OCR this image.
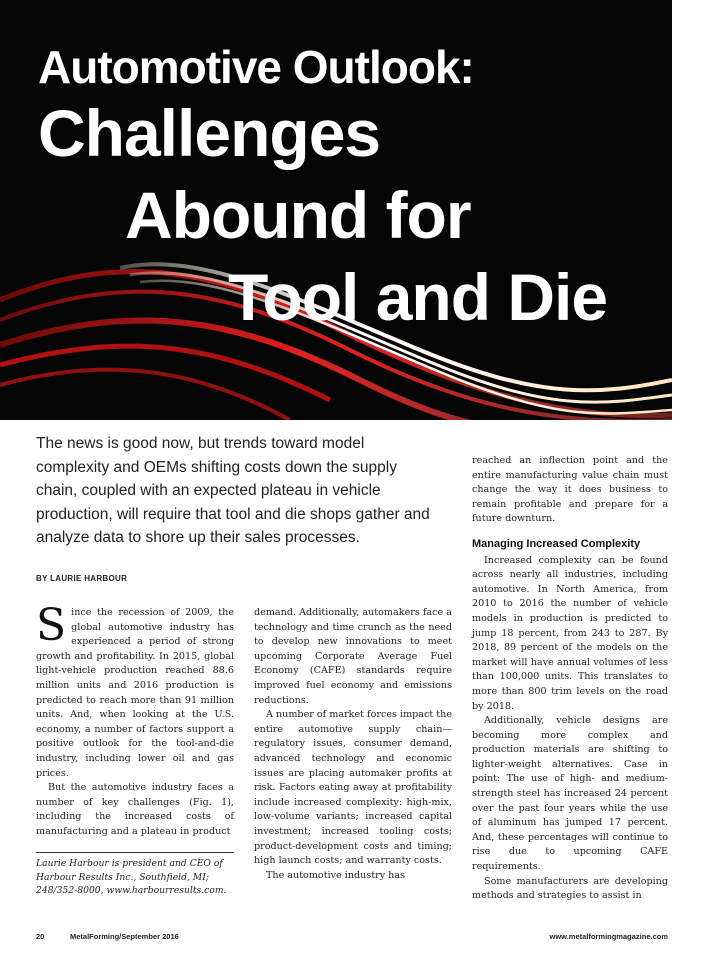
Automotive Outlook:
Challenges
Abound for
Tool and Die
The news is good now, but trends toward model complexity and OEMs shifting costs down the supply chain, coupled with an expected plateau in vehicle production, will require that tool and die shops gather and analyze data to shore up their sales processes.
BY LAURIE HARBOUR

Since the recession of 2009, the global automotive industry has experienced a period of strong growth and profitability. In 2015, global light-vehicle production reached 88.6 million units and 2016 production is predicted to reach more than 91 million units. And, when looking at the U.S. economy, a number of factors support a positive outlook for the tool-and-die industry, including lower oil and gas prices.

But the automotive industry faces a number of key challenges (Fig. 1), including the increased costs of manufacturing and a plateau in product

Laurie Harbour is president and CEO of Harbour Results Inc., Southfield, MI; 248/352-8000, www.harbourresults.com.

demand. Additionally, automakers face a technology and time crunch as the need to develop new innovations to meet upcoming Corporate Average Fuel Economy (CAFE) standards require improved fuel economy and emissions reductions.

A number of market forces impact the entire automotive supply chain—regulatory issues, consumer demand, advanced technology and economic issues are placing automaker profits at risk. Factors eating away at profitability include increased complexity: high-mix, low-volume variants; increased capital investment; increased tooling costs; product-development costs and timing; high launch costs; and warranty costs.

The automotive industry has

reached an inflection point and the entire manufacturing value chain must change the way it does business to remain profitable and prepare for a future downturn.

Managing Increased Complexity

Increased complexity can be found across nearly all industries, including automotive. In North America, from 2010 to 2016 the number of vehicle models in production is predicted to jump 18 percent, from 243 to 287. By 2018, 89 percent of the models on the market will have annual volumes of less than 100,000 units. This translates to more than 800 trim levels on the road by 2018.

Additionally, vehicle designs are becoming more complex and production materials are shifting to lighter-weight alternatives. Case in point: The use of high- and medium-strength steel has increased 24 percent over the past four years while the use of aluminum has jumped 17 percent. And, these percentages will continue to rise due to upcoming CAFE requirements.

Some manufacturers are developing methods and strategies to assist in

20	MetalForming/September 2016	www.metalformingmagazine.com
